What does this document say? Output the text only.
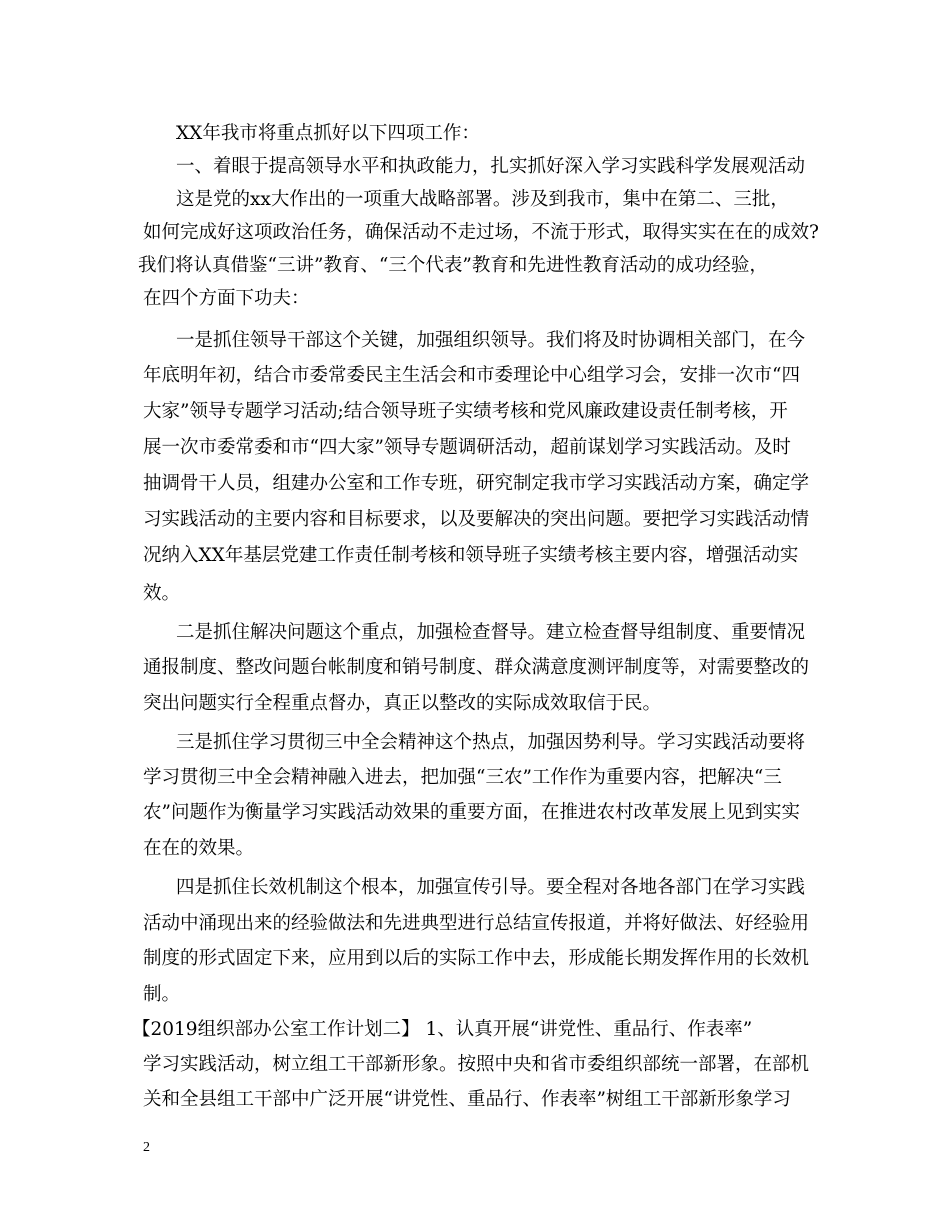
XX年我市将重点抓好以下四项工作：
一、着眼于提高领导水平和执政能力，扎实抓好深入学习实践科学发展观活动
这是党的xx大作出的一项重大战略部署。涉及到我市，集中在第二、三批，
如何完成好这项政治任务，确保活动不走过场，不流于形式，取得实实在在的成效?
我们将认真借鉴“三讲”教育、“三个代表”教育和先进性教育活动的成功经验，
在四个方面下功夫：
一是抓住领导干部这个关键，加强组织领导。我们将及时协调相关部门，在今
年底明年初，结合市委常委民主生活会和市委理论中心组学习会，安排一次市“四
大家”领导专题学习活动;结合领导班子实绩考核和党风廉政建设责任制考核，开
展一次市委常委和市“四大家”领导专题调研活动，超前谋划学习实践活动。及时
抽调骨干人员，组建办公室和工作专班，研究制定我市学习实践活动方案，确定学
习实践活动的主要内容和目标要求，以及要解决的突出问题。要把学习实践活动情
况纳入XX年基层党建工作责任制考核和领导班子实绩考核主要内容，增强活动实
效。
二是抓住解决问题这个重点，加强检查督导。建立检查督导组制度、重要情况
通报制度、整改问题台帐制度和销号制度、群众满意度测评制度等，对需要整改的
突出问题实行全程重点督办，真正以整改的实际成效取信于民。
三是抓住学习贯彻三中全会精神这个热点，加强因势利导。学习实践活动要将
学习贯彻三中全会精神融入进去，把加强“三农”工作作为重要内容，把解决“三
农”问题作为衡量学习实践活动效果的重要方面，在推进农村改革发展上见到实实
在在的效果。
四是抓住长效机制这个根本，加强宣传引导。要全程对各地各部门在学习实践
活动中涌现出来的经验做法和先进典型进行总结宣传报道，并将好做法、好经验用
制度的形式固定下来，应用到以后的实际工作中去，形成能长期发挥作用的长效机
制。
【2019组织部办公室工作计划二】 1、认真开展“讲党性、重品行、作表率”
学习实践活动，树立组工干部新形象。按照中央和省市委组织部统一部署，在部机
关和全县组工干部中广泛开展“讲党性、重品行、作表率”树组工干部新形象学习
2
